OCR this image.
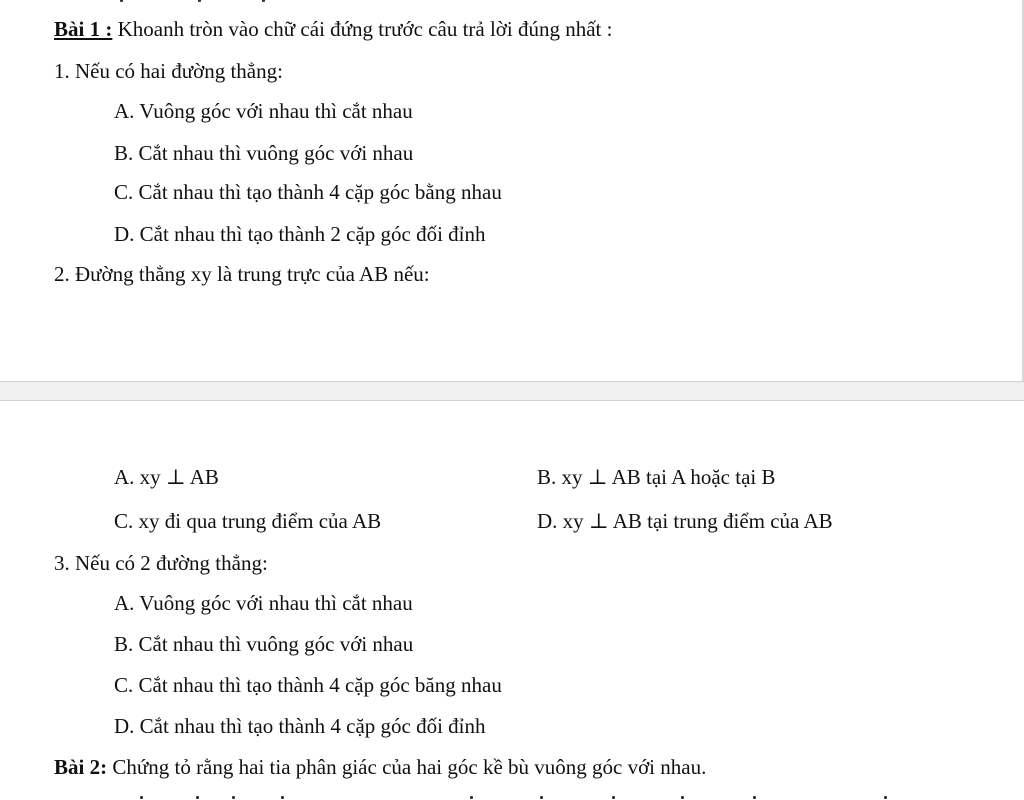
Bài 1 : Khoanh tròn vào chữ cái đứng trước câu trả lời đúng nhất :
1. Nếu có hai đường thẳng:
A. Vuông góc với nhau thì cắt nhau
B. Cắt nhau thì vuông góc với nhau
C. Cắt nhau thì tạo thành 4 cặp góc bằng nhau
D. Cắt nhau thì tạo thành 2 cặp góc đối đỉnh
2. Đường thẳng xy là trung trực của AB nếu:
A. xy ⊥ AB	B. xy ⊥ AB tại A hoặc tại B
C. xy đi qua trung điểm của AB	D. xy ⊥ AB tại trung điểm của AB
3. Nếu có 2 đường thẳng:
A. Vuông góc với nhau thì cắt nhau
B. Cắt nhau thì vuông góc với nhau
C. Cắt nhau thì tạo thành 4 cặp góc băng nhau
D. Cắt nhau thì tạo thành 4 cặp góc đối đỉnh
Bài 2: Chứng tỏ rằng hai tia phân giác của hai góc kề bù vuông góc với nhau.
